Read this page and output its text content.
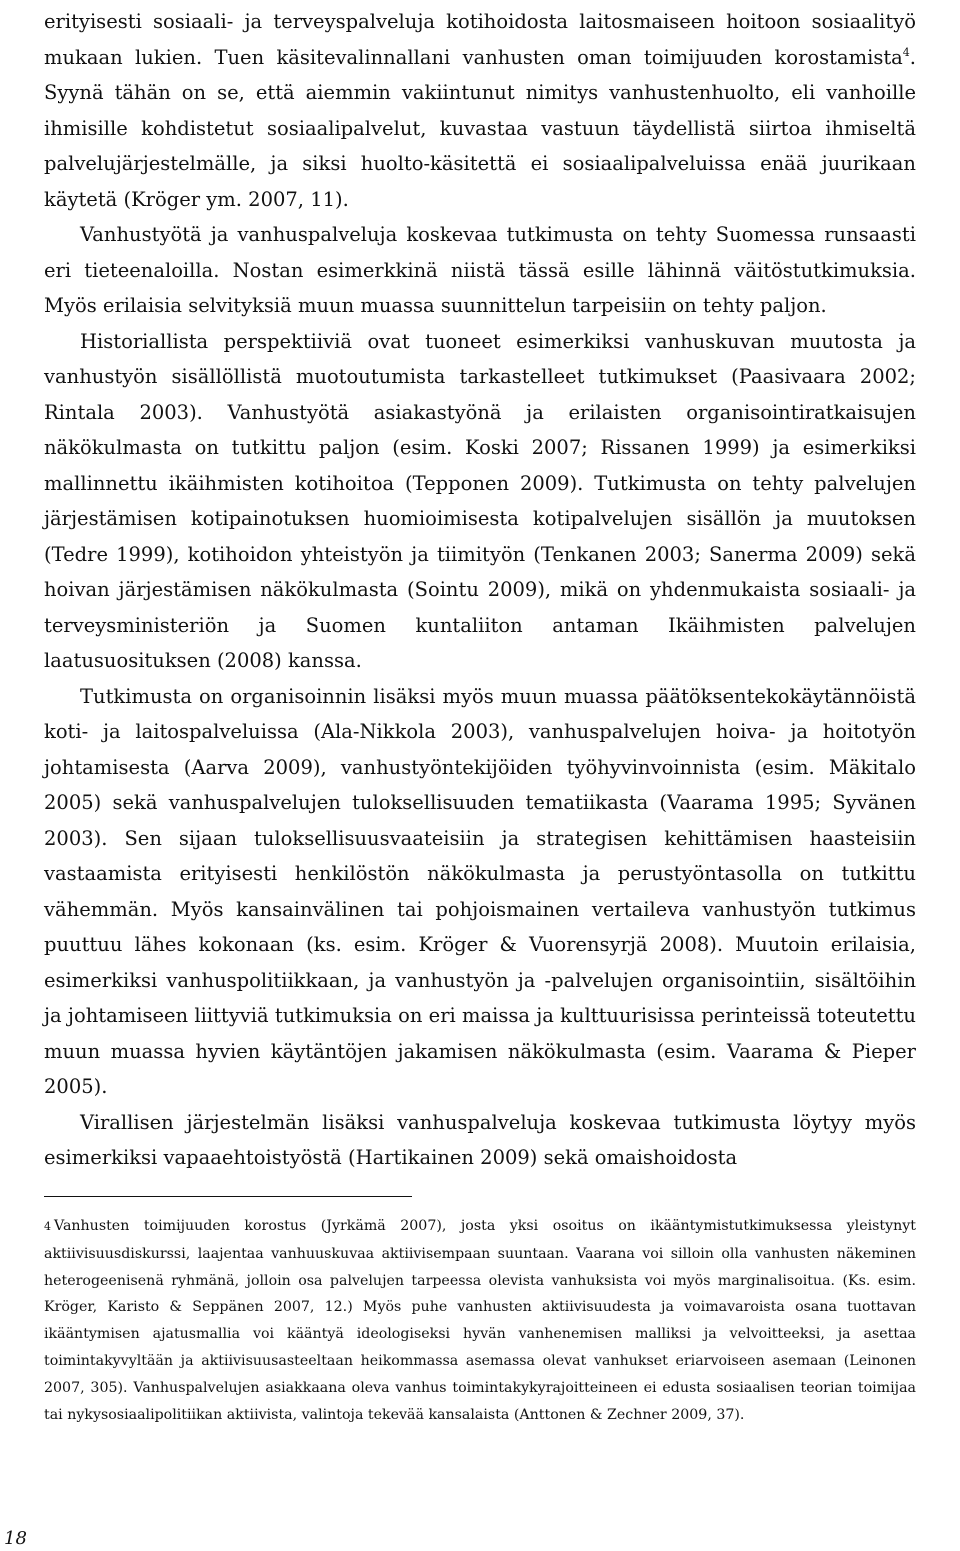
erityisesti sosiaali- ja terveyspalveluja kotihoidosta laitosmaiseen hoitoon sosiaalityö mukaan lukien. Tuen käsitevalinnallani vanhusten oman toimijuuden korostamista$^4$. Syynä tähän on se, että aiemmin vakiintunut nimitys vanhustenhuolto, eli vanhoille ihmisille kohdistetut sosiaalipalvelut, kuvastaa vastuun täydellistä siirtoa ihmiseltä palvelujärjestelmälle, ja siksi huolto-käsitettä ei sosiaalipalveluissa enää juurikaan käytetä (Kröger ym. 2007, 11).

Vanhustyötä ja vanhuspalveluja koskevaa tutkimusta on tehty Suomessa runsaasti eri tieteenaloilla. Nostan esimerkkinä niistä tässä esille lähinnä väitöstutkimuksia. Myös erilaisia selvityksiä muun muassa suunnittelun tarpeisiin on tehty paljon.

Historiallista perspektiiviä ovat tuoneet esimerkiksi vanhuskuvan muutosta ja vanhustyön sisällöllistä muotoutumista tarkastelleet tutkimukset (Paasivaara 2002; Rintala 2003). Vanhustyötä asiakastyönä ja erilaisten organisointiratkaisujen näkökulmasta on tutkittu paljon (esim. Koski 2007; Rissanen 1999) ja esimerkiksi mallinnettu ikäihmisten kotihoitoa (Tepponen 2009). Tutkimusta on tehty palvelujen järjestämisen kotipainotuksen huomioimisesta kotipalvelujen sisällön ja muutoksen (Tedre 1999), kotihoidon yhteistyön ja tiimityön (Tenkanen 2003; Sanerma 2009) sekä hoivan järjestämisen näkökulmasta (Sointu 2009), mikä on yhdenmukaista sosiaali- ja terveysministeriön ja Suomen kuntaliiton antaman Ikäihmisten palvelujen laatusuosituksen (2008) kanssa.

Tutkimusta on organisoinnin lisäksi myös muun muassa päätöksentekokäytännöistä koti- ja laitospalveluissa (Ala-Nikkola 2003), vanhuspalvelujen hoiva- ja hoitotyön johtamisesta (Aarva 2009), vanhustyöntekijöiden työhyvinvoinnista (esim. Mäkitalo 2005) sekä vanhuspalvelujen tuloksellisuuden tematiikasta (Vaarama 1995; Syvänen 2003). Sen sijaan tuloksellisuusvaateisiin ja strategisen kehittämisen haasteisiin vastaamista erityisesti henkilöstön näkökulmasta ja perustyöntasolla on tutkittu vähemmän. Myös kansainvälinen tai pohjoismainen vertaileva vanhustyön tutkimus puuttuu lähes kokonaan (ks. esim. Kröger & Vuorensyrjä 2008). Muutoin erilaisia, esimerkiksi vanhuspolitiikkaan, ja vanhustyön ja -palvelujen organisointiin, sisältöihin ja johtamiseen liittyviä tutkimuksia on eri maissa ja kulttuurisissa perinteissä toteutettu muun muassa hyvien käytäntöjen jakamisen näkökulmasta (esim. Vaarama & Pieper 2005).

Virallisen järjestelmän lisäksi vanhuspalveluja koskevaa tutkimusta löytyy myös esimerkiksi vapaaehtoistyöstä (Hartikainen 2009) sekä omaishoidosta

4 Vanhusten toimijuuden korostus (Jyrkämä 2007), josta yksi osoitus on ikääntymistutkimuksessa yleistynyt aktiivisuusdiskurssi, laajentaa vanhuuskuvaa aktiivisempaan suuntaan. Vaarana voi silloin olla vanhusten näkeminen heterogeenisenä ryhmänä, jolloin osa palvelujen tarpeessa olevista vanhuksista voi myös marginalisoitua. (Ks. esim. Kröger, Karisto & Seppänen 2007, 12.) Myös puhe vanhusten aktiivisuudesta ja voimavaroista osana tuottavan ikääntymisen ajatusmallia voi kääntyä ideologiseksi hyvän vanhenemisen malliksi ja velvoitteeksi, ja asettaa toimintakyvyltään ja aktiivisuusasteeltaan heikommassa asemassa olevat vanhukset eriarvoiseen asemaan (Leinonen 2007, 305). Vanhuspalvelujen asiakkaana oleva vanhus toimintakykyrajoitteineen ei edusta sosiaalisen teorian toimijaa tai nykysosiaalipolitiikan aktiivista, valintoja tekevää kansalaista (Anttonen & Zechner 2009, 37).
18
